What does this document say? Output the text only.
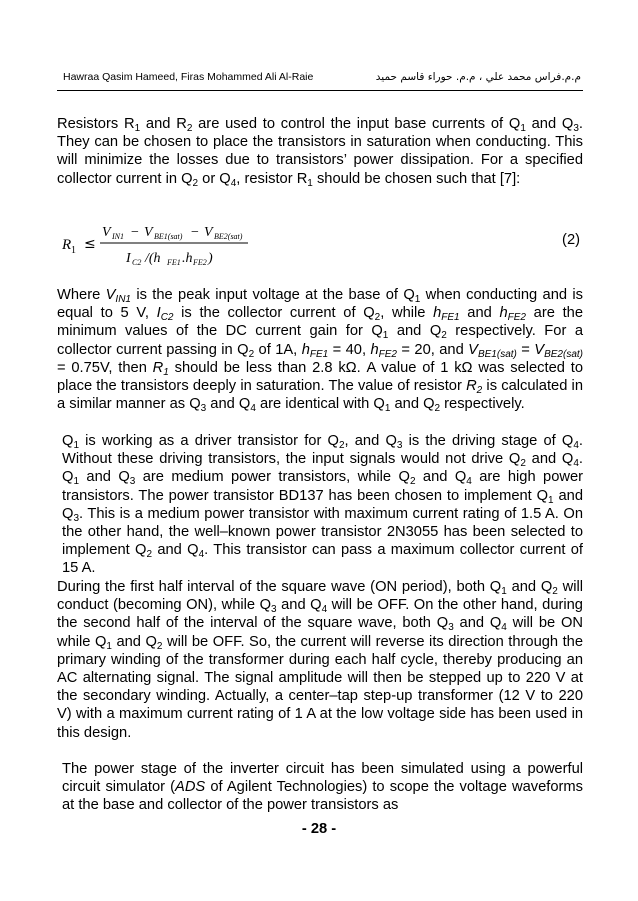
Hawraa Qasim Hameed, Firas Mohammed Ali Al-Raie	م.م.فراس محمد علي ، م.م. حوراء قاسم حميد

Resistors $R_1$ and $R_2$ are used to control the input base currents of $Q_1$ and $Q_3$. They can be chosen to place the transistors in saturation when conducting. This will minimize the losses due to transistors’ power dissipation. For a specified collector current in $Q_2$ or $Q_4$, resistor $R_1$ should be chosen such that [7]:

R 1 ≤
V IN1 − V BE1(sat) − V BE2(sat)
I C2 /(h FE1 .h FE2 )
(2)

Where $V_{IN1}$ is the peak input voltage at the base of $Q_1$ when conducting and is equal to 5 V, $I_{C2}$ is the collector current of $Q_2$, while $h_{FE1}$ and $h_{FE2}$ are the minimum values of the DC current gain for $Q_1$ and $Q_2$ respectively. For a collector current passing in $Q_2$ of 1A, $h_{FE1} = 40$, $h_{FE2} = 20$, and $V_{BE1(sat)} = V_{BE2(sat)} = 0.75V$, then $R_1$ should be less than 2.8 kΩ. A value of 1 kΩ was selected to place the transistors deeply in saturation. The value of resistor $R_2$ is calculated in a similar manner as $Q_3$ and $Q_4$ are identical with $Q_1$ and $Q_2$ respectively.

$Q_1$ is working as a driver transistor for $Q_2$, and $Q_3$ is the driving stage of $Q_4$. Without these driving transistors, the input signals would not drive $Q_2$ and $Q_4$. $Q_1$ and $Q_3$ are medium power transistors, while $Q_2$ and $Q_4$ are high power transistors. The power transistor BD137 has been chosen to implement $Q_1$ and $Q_3$. This is a medium power transistor with maximum current rating of 1.5 A. On the other hand, the well–known power transistor 2N3055 has been selected to implement $Q_2$ and $Q_4$. This transistor can pass a maximum collector current of 15 A.

During the first half interval of the square wave (ON period), both $Q_1$ and $Q_2$ will conduct (becoming ON), while $Q_3$ and $Q_4$ will be OFF. On the other hand, during the second half of the interval of the square wave, both $Q_3$ and $Q_4$ will be ON while $Q_1$ and $Q_2$ will be OFF. So, the current will reverse its direction through the primary winding of the transformer during each half cycle, thereby producing an AC alternating signal. The signal amplitude will then be stepped up to 220 V at the secondary winding. Actually, a center–tap step-up transformer (12 V to 220 V) with a maximum current rating of 1 A at the low voltage side has been used in this design.

The power stage of the inverter circuit has been simulated using a powerful circuit simulator (ADS of Agilent Technologies) to scope the voltage waveforms at the base and collector of the power transistors as

- 28 -
